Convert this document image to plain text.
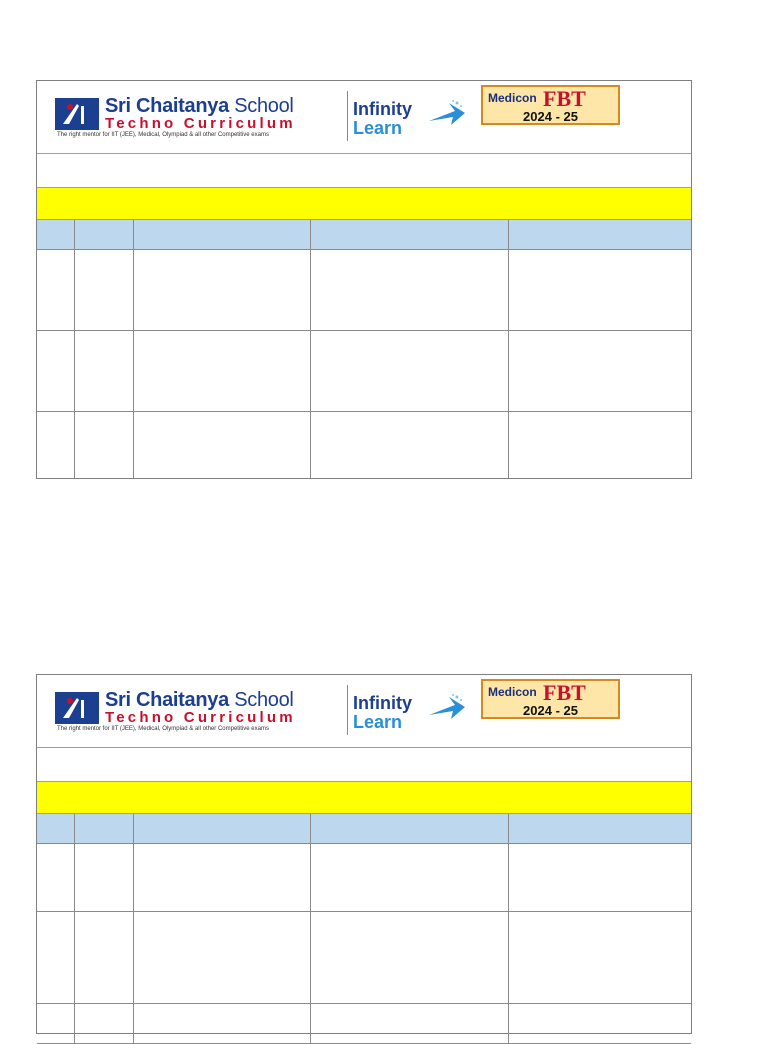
Sri Chaitanya School
Techno Curriculum
The right mentor for IIT (JEE), Medical, Olympiad & all other Competitive exams
Infinity
Learn
Medicon FBT
2024 - 25

Sri Chaitanya School
Techno Curriculum
The right mentor for IIT (JEE), Medical, Olympiad & all other Competitive exams
Infinity
Learn
Medicon FBT
2024 - 25
